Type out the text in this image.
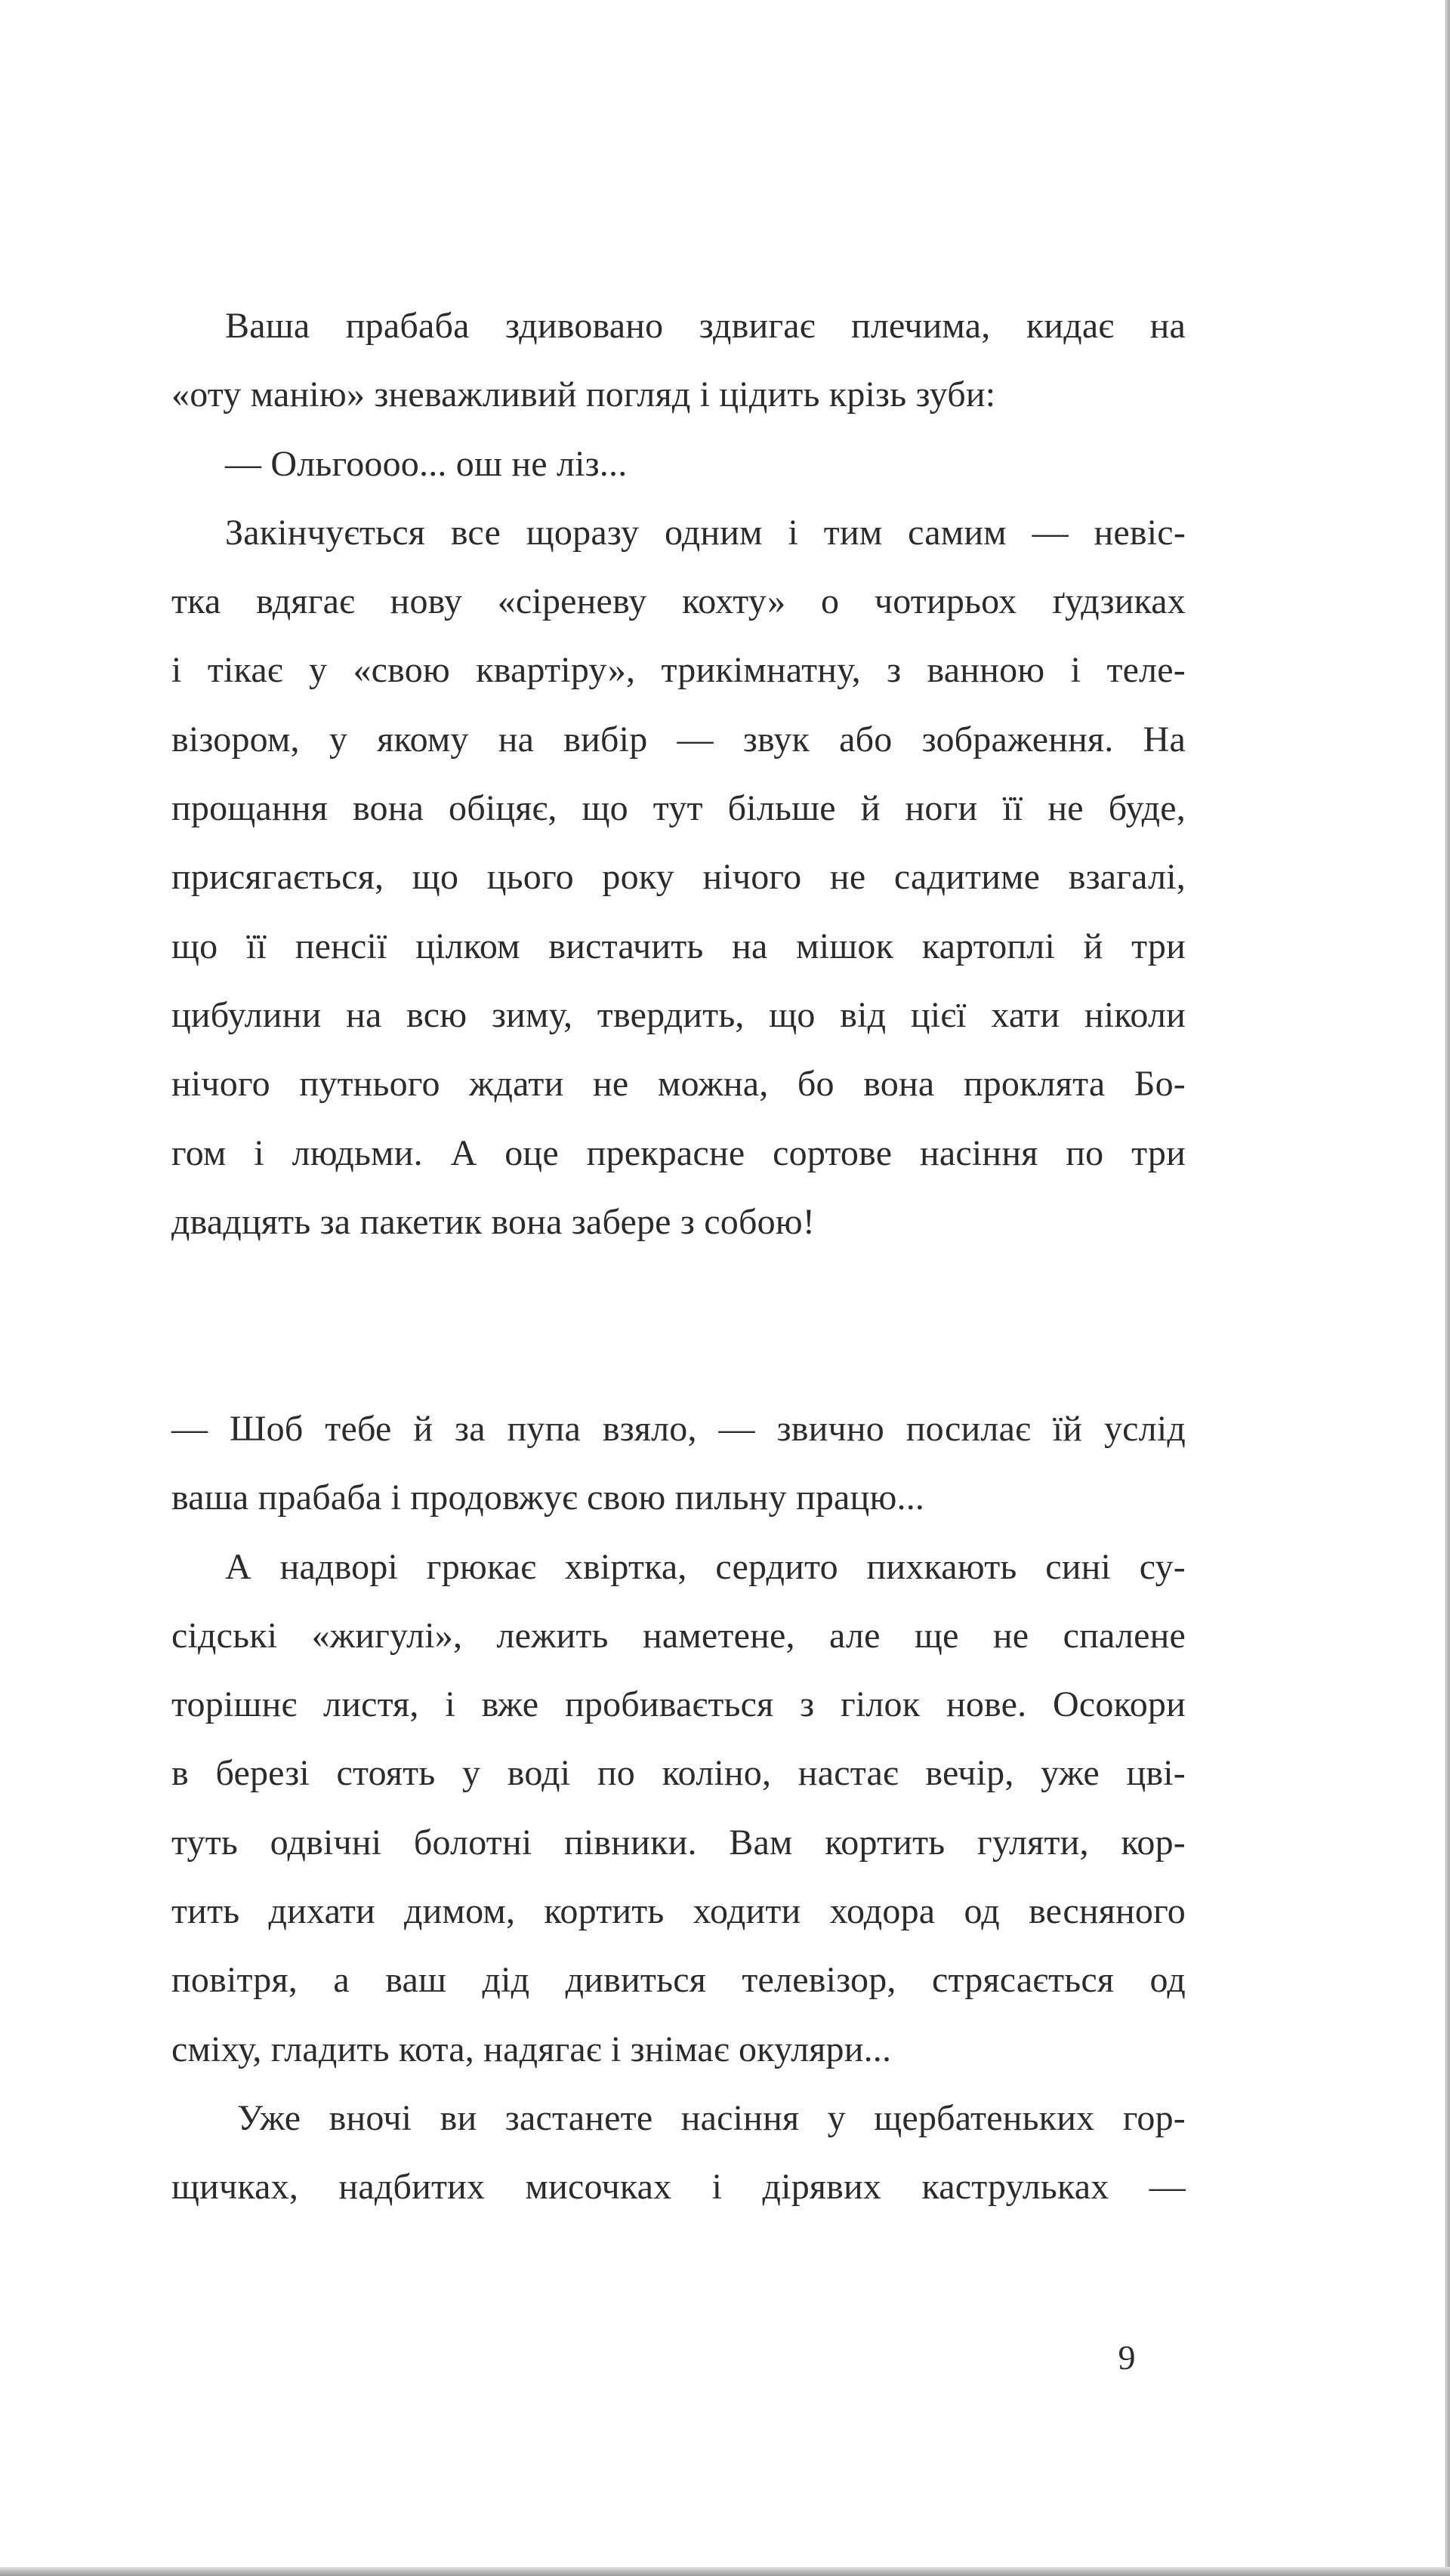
Ваша прабаба здивовано здвигає плечима, кидає на
«оту манію» зневажливий погляд і цідить крізь зуби:
— Ольгоооо... ош не ліз...
Закінчується все щоразу одним і тим самим — невіс-
тка вдягає нову «сіреневу кохту» о чотирьох ґудзиках
і тікає у «свою квартіру», трикімнатну, з ванною і теле-
візором, у якому на вибір — звук або зображення. На
прощання вона обіцяє, що тут більше й ноги її не буде,
присягається, що цього року нічого не садитиме взагалі,
що її пенсії цілком вистачить на мішок картоплі й три
цибулини на всю зиму, твердить, що від цієї хати ніколи
нічого путнього ждати не можна, бо вона проклята Бо-
гом і людьми. А оце прекрасне сортове насіння по три
двадцять за пакетик вона забере з собою!
— Шоб тебе й за пупа взяло, — звично посилає їй услід
ваша прабаба і продовжує свою пильну працю...
А надворі грюкає хвіртка, сердито пихкають сині су-
сідські «жигулі», лежить наметене, але ще не спалене
торішнє листя, і вже пробивається з гілок нове. Осокори
в березі стоять у воді по коліно, настає вечір, уже цві-
туть одвічні болотні півники. Вам кортить гуляти, кор-
тить дихати димом, кортить ходити ходора од весняного
повітря, а ваш дід дивиться телевізор, стрясається од
сміху, гладить кота, надягає і знімає окуляри...
Уже вночі ви застанете насіння у щербатеньких гор-
щичках, надбитих мисочках і дірявих каструльках —
9
